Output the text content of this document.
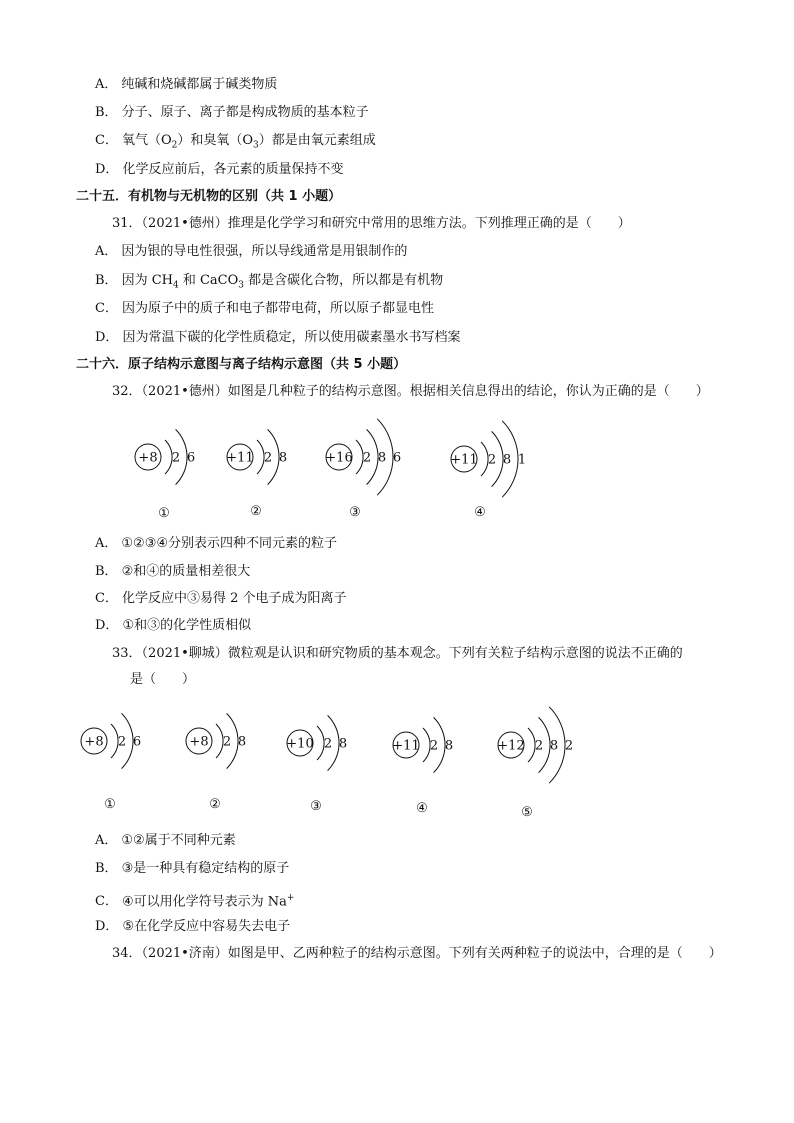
A． 纯碱和烧碱都属于碱类物质
B． 分子、原子、离子都是构成物质的基本粒子
C． 氧气$(O_2)$和臭氧$(O_3)$都是由氧元素组成
D． 化学反应前后，各元素的质量保持不变
二十五．有机物与无机物的区别（共 1 小题）
31．（2021•德州）推理是化学学习和研究中常用的思维方法。下列推理正确的是（　　）
A． 因为银的导电性很强，所以导线通常是用银制作的
B． 因为 $CH_4$ 和 CaCO$_3$ 都是含碳化合物，所以都是有机物
C． 因为原子中的质子和电子都带电荷，所以原子都显电性
D． 因为常温下碳的化学性质稳定，所以使用碳素墨水书写档案
二十六．原子结构示意图与离子结构示意图（共 5 小题）
32．（2021•德州）如图是几种粒子的结构示意图。根据相关信息得出的结论，你认为正确的是（　　）
+8 2 6
①
+11 2 8
②
+16 2 8 6
③
+11 2 8 1
④
A． ①②③④分别表示四种不同元素的粒子
B． ②和④的质量相差很大
C． 化学反应中③易得 2 个电子成为阳离子
D． ①和③的化学性质相似
33．（2021•聊城）微粒观是认识和研究物质的基本观念。下列有关粒子结构示意图的说法不正确的
是（　　）
+8 2 6
①
+8 2 8
②
+10 2 8
③
+11 2 8
④
+12 2 8 2
⑤
A． ①②属于不同种元素
B． ③是一种具有稳定结构的原子
C． ④可以用化学符号表示为 Na+
D． ⑤在化学反应中容易失去电子
34．（2021•济南）如图是甲、乙两种粒子的结构示意图。下列有关两种粒子的说法中，合理的是（　　）
